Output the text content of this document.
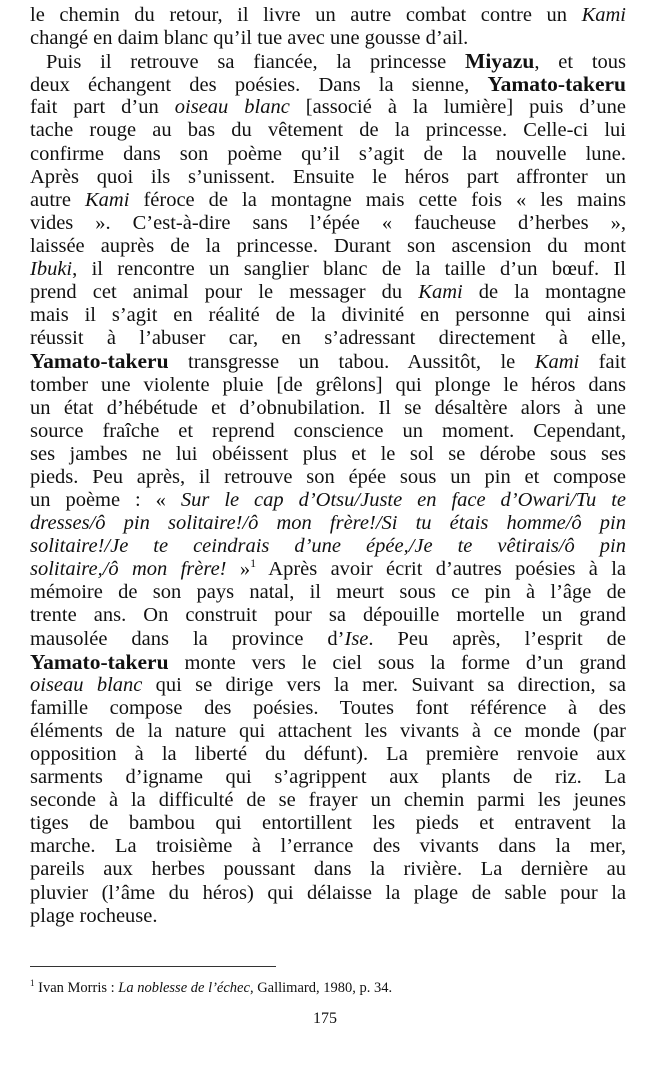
le chemin du retour, il livre un autre combat contre un Kami
changé en daim blanc qu’il tue avec une gousse d’ail.
Puis il retrouve sa fiancée, la princesse Miyazu, et tous
deux échangent des poésies. Dans la sienne, Yamato-takeru
fait part d’un oiseau blanc [associé à la lumière] puis d’une
tache rouge au bas du vêtement de la princesse. Celle-ci lui
confirme dans son poème qu’il s’agit de la nouvelle lune.
Après quoi ils s’unissent. Ensuite le héros part affronter un
autre Kami féroce de la montagne mais cette fois « les mains
vides ». C’est-à-dire sans l’épée « faucheuse d’herbes »,
laissée auprès de la princesse. Durant son ascension du mont
Ibuki, il rencontre un sanglier blanc de la taille d’un bœuf. Il
prend cet animal pour le messager du Kami de la montagne
mais il s’agit en réalité de la divinité en personne qui ainsi
réussit à l’abuser car, en s’adressant directement à elle,
Yamato-takeru transgresse un tabou. Aussitôt, le Kami fait
tomber une violente pluie [de grêlons] qui plonge le héros dans
un état d’hébétude et d’obnubilation. Il se désaltère alors à une
source fraîche et reprend conscience un moment. Cependant,
ses jambes ne lui obéissent plus et le sol se dérobe sous ses
pieds. Peu après, il retrouve son épée sous un pin et compose
un poème : « Sur le cap d’Otsu/Juste en face d’Owari/Tu te
dresses/ô pin solitaire!/ô mon frère!/Si tu étais homme/ô pin
solitaire!/Je te ceindrais d’une épée,/Je te vêtirais/ô pin
solitaire,/ô mon frère! »$^1$ Après avoir écrit d’autres poésies à la
mémoire de son pays natal, il meurt sous ce pin à l’âge de
trente ans. On construit pour sa dépouille mortelle un grand
mausolée dans la province d’Ise. Peu après, l’esprit de
Yamato-takeru monte vers le ciel sous la forme d’un grand
oiseau blanc qui se dirige vers la mer. Suivant sa direction, sa
famille compose des poésies. Toutes font référence à des
éléments de la nature qui attachent les vivants à ce monde (par
opposition à la liberté du défunt). La première renvoie aux
sarments d’igname qui s’agrippent aux plants de riz. La
seconde à la difficulté de se frayer un chemin parmi les jeunes
tiges de bambou qui entortillent les pieds et entravent la
marche. La troisième à l’errance des vivants dans la mer,
pareils aux herbes poussant dans la rivière. La dernière au
pluvier (l’âme du héros) qui délaisse la plage de sable pour la
plage rocheuse.
$^1$ Ivan Morris : La noblesse de l’échec, Gallimard, 1980, p. 34.
175
